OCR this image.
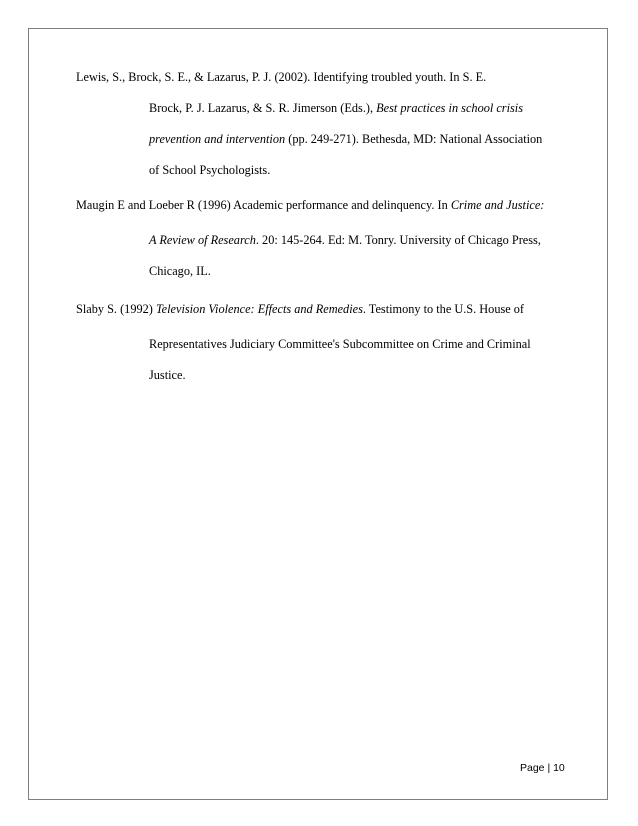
Lewis, S., Brock, S. E., & Lazarus, P. J. (2002). Identifying troubled youth. In S. E.
Brock, P. J. Lazarus, & S. R. Jimerson (Eds.), Best practices in school crisis
prevention and intervention (pp. 249-271). Bethesda, MD: National Association
of School Psychologists.
Maugin E and Loeber R (1996) Academic performance and delinquency. In Crime and Justice:
A Review of Research. 20: 145-264. Ed: M. Tonry. University of Chicago Press,
Chicago, IL.
Slaby S. (1992) Television Violence: Effects and Remedies. Testimony to the U.S. House of
Representatives Judiciary Committee's Subcommittee on Crime and Criminal
Justice.
Page | 10
